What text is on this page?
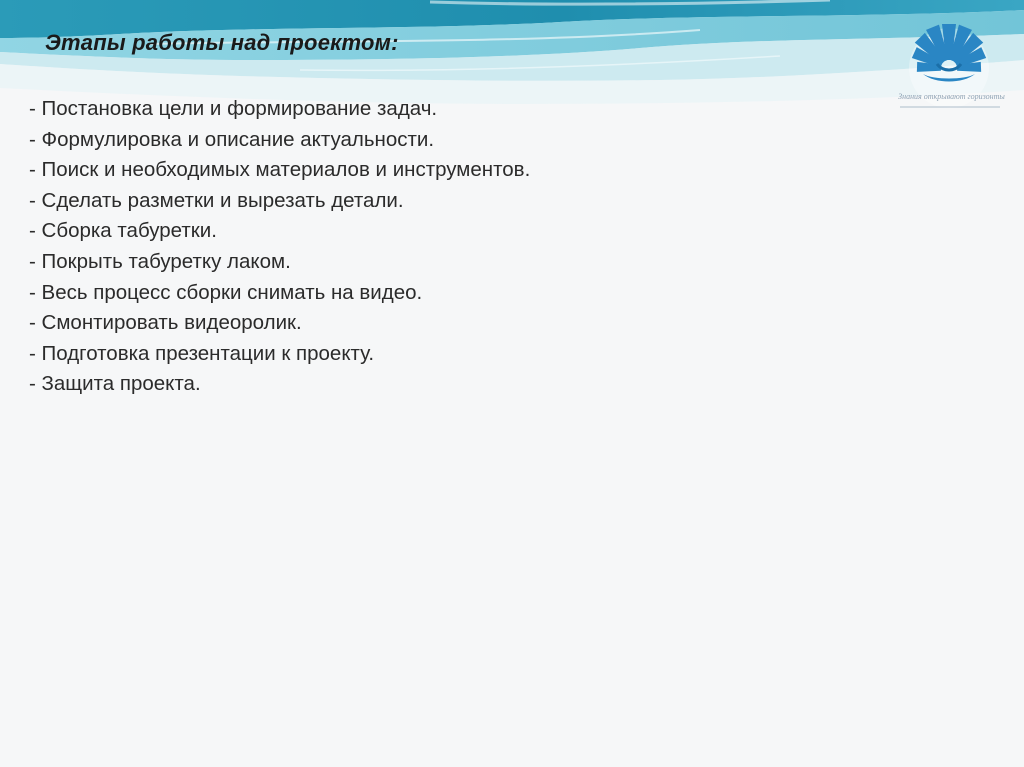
Знания открывают горизонты
Этапы работы над проектом:
- Постановка цели и формирование задач.
- Формулировка и описание актуальности.
- Поиск и необходимых материалов и инструментов.
- Сделать разметки и вырезать детали.
- Сборка табуретки.
- Покрыть табуретку лаком.
- Весь процесс сборки снимать на видео.
- Смонтировать видеоролик.
- Подготовка презентации к проекту.
- Защита проекта.
